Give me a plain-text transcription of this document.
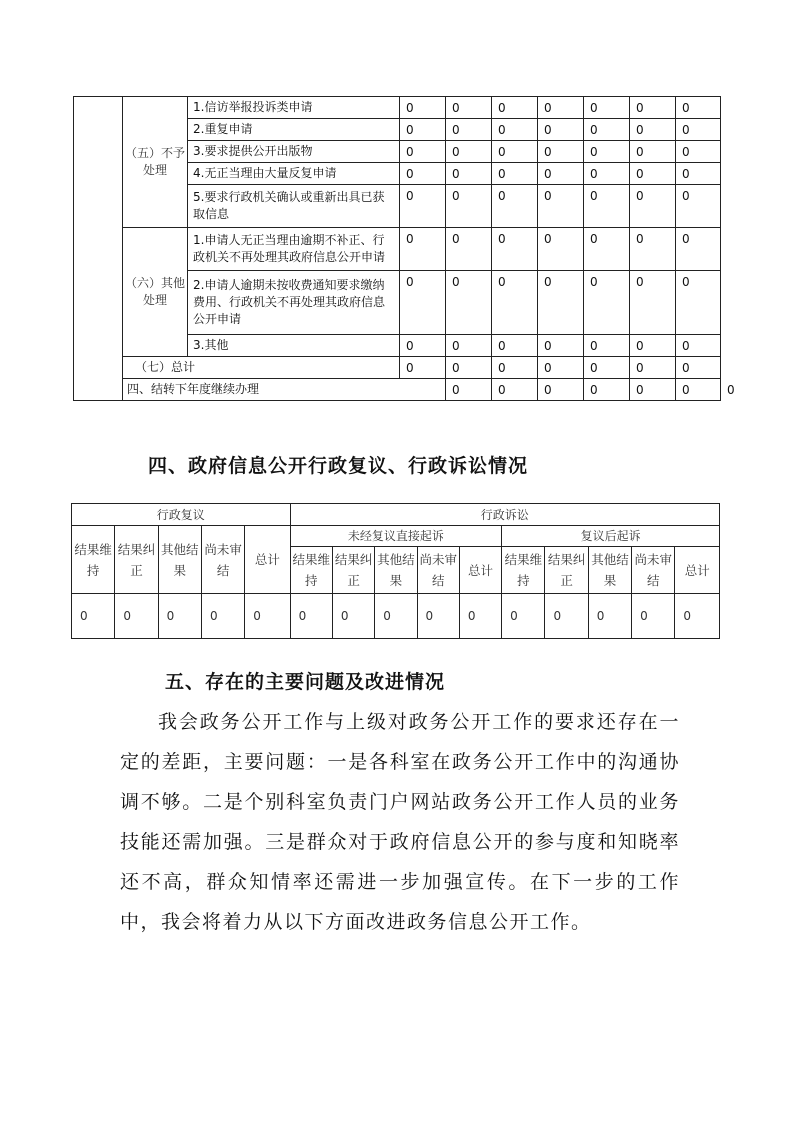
	（五）不予处理	1.信访举报投诉类申请	0	0	0	0	0	0	0	
		2.重复申请	0	0	0	0	0	0	0	
		3.要求提供公开出版物	0	0	0	0	0	0	0	
		4.无正当理由大量反复申请	0	0	0	0	0	0	0	
		5.要求行政机关确认或重新出具已获取信息	0	0	0	0	0	0	0	
	（六）其他处理	1.申请人无正当理由逾期不补正、行政机关不再处理其政府信息公开申请	0	0	0	0	0	0	0	
		2.申请人逾期未按收费通知要求缴纳费用、行政机关不再处理其政府信息公开申请	0	0	0	0	0	0	0	
		3.其他	0	0	0	0	0	0	0	
	（七）总计		0	0	0	0	0	0	0	
	四、结转下年度继续办理			0	0	0	0	0	0	0
四、政府信息公开行政复议、行政诉讼情况
行政复议					行政诉讼									
结果维持	结果纠正	其他结果	尚未审结	总计	未经复议直接起诉					复议后起诉				
					结果维持	结果纠正	其他结果	尚未审结	总计	结果维持	结果纠正	其他结果	尚未审结	总计
0	0	0	0	0	0	0	0	0	0	0	0	0	0	0
五、存在的主要问题及改进情况
我会政务公开工作与上级对政务公开工作的要求还存在一定的差距，主要问题：一是各科室在政务公开工作中的沟通协调不够。二是个别科室负责门户网站政务公开工作人员的业务技能还需加强。三是群众对于政府信息公开的参与度和知晓率还不高，群众知情率还需进一步加强宣传。在下一步的工作中，我会将着力从以下方面改进政务信息公开工作。
